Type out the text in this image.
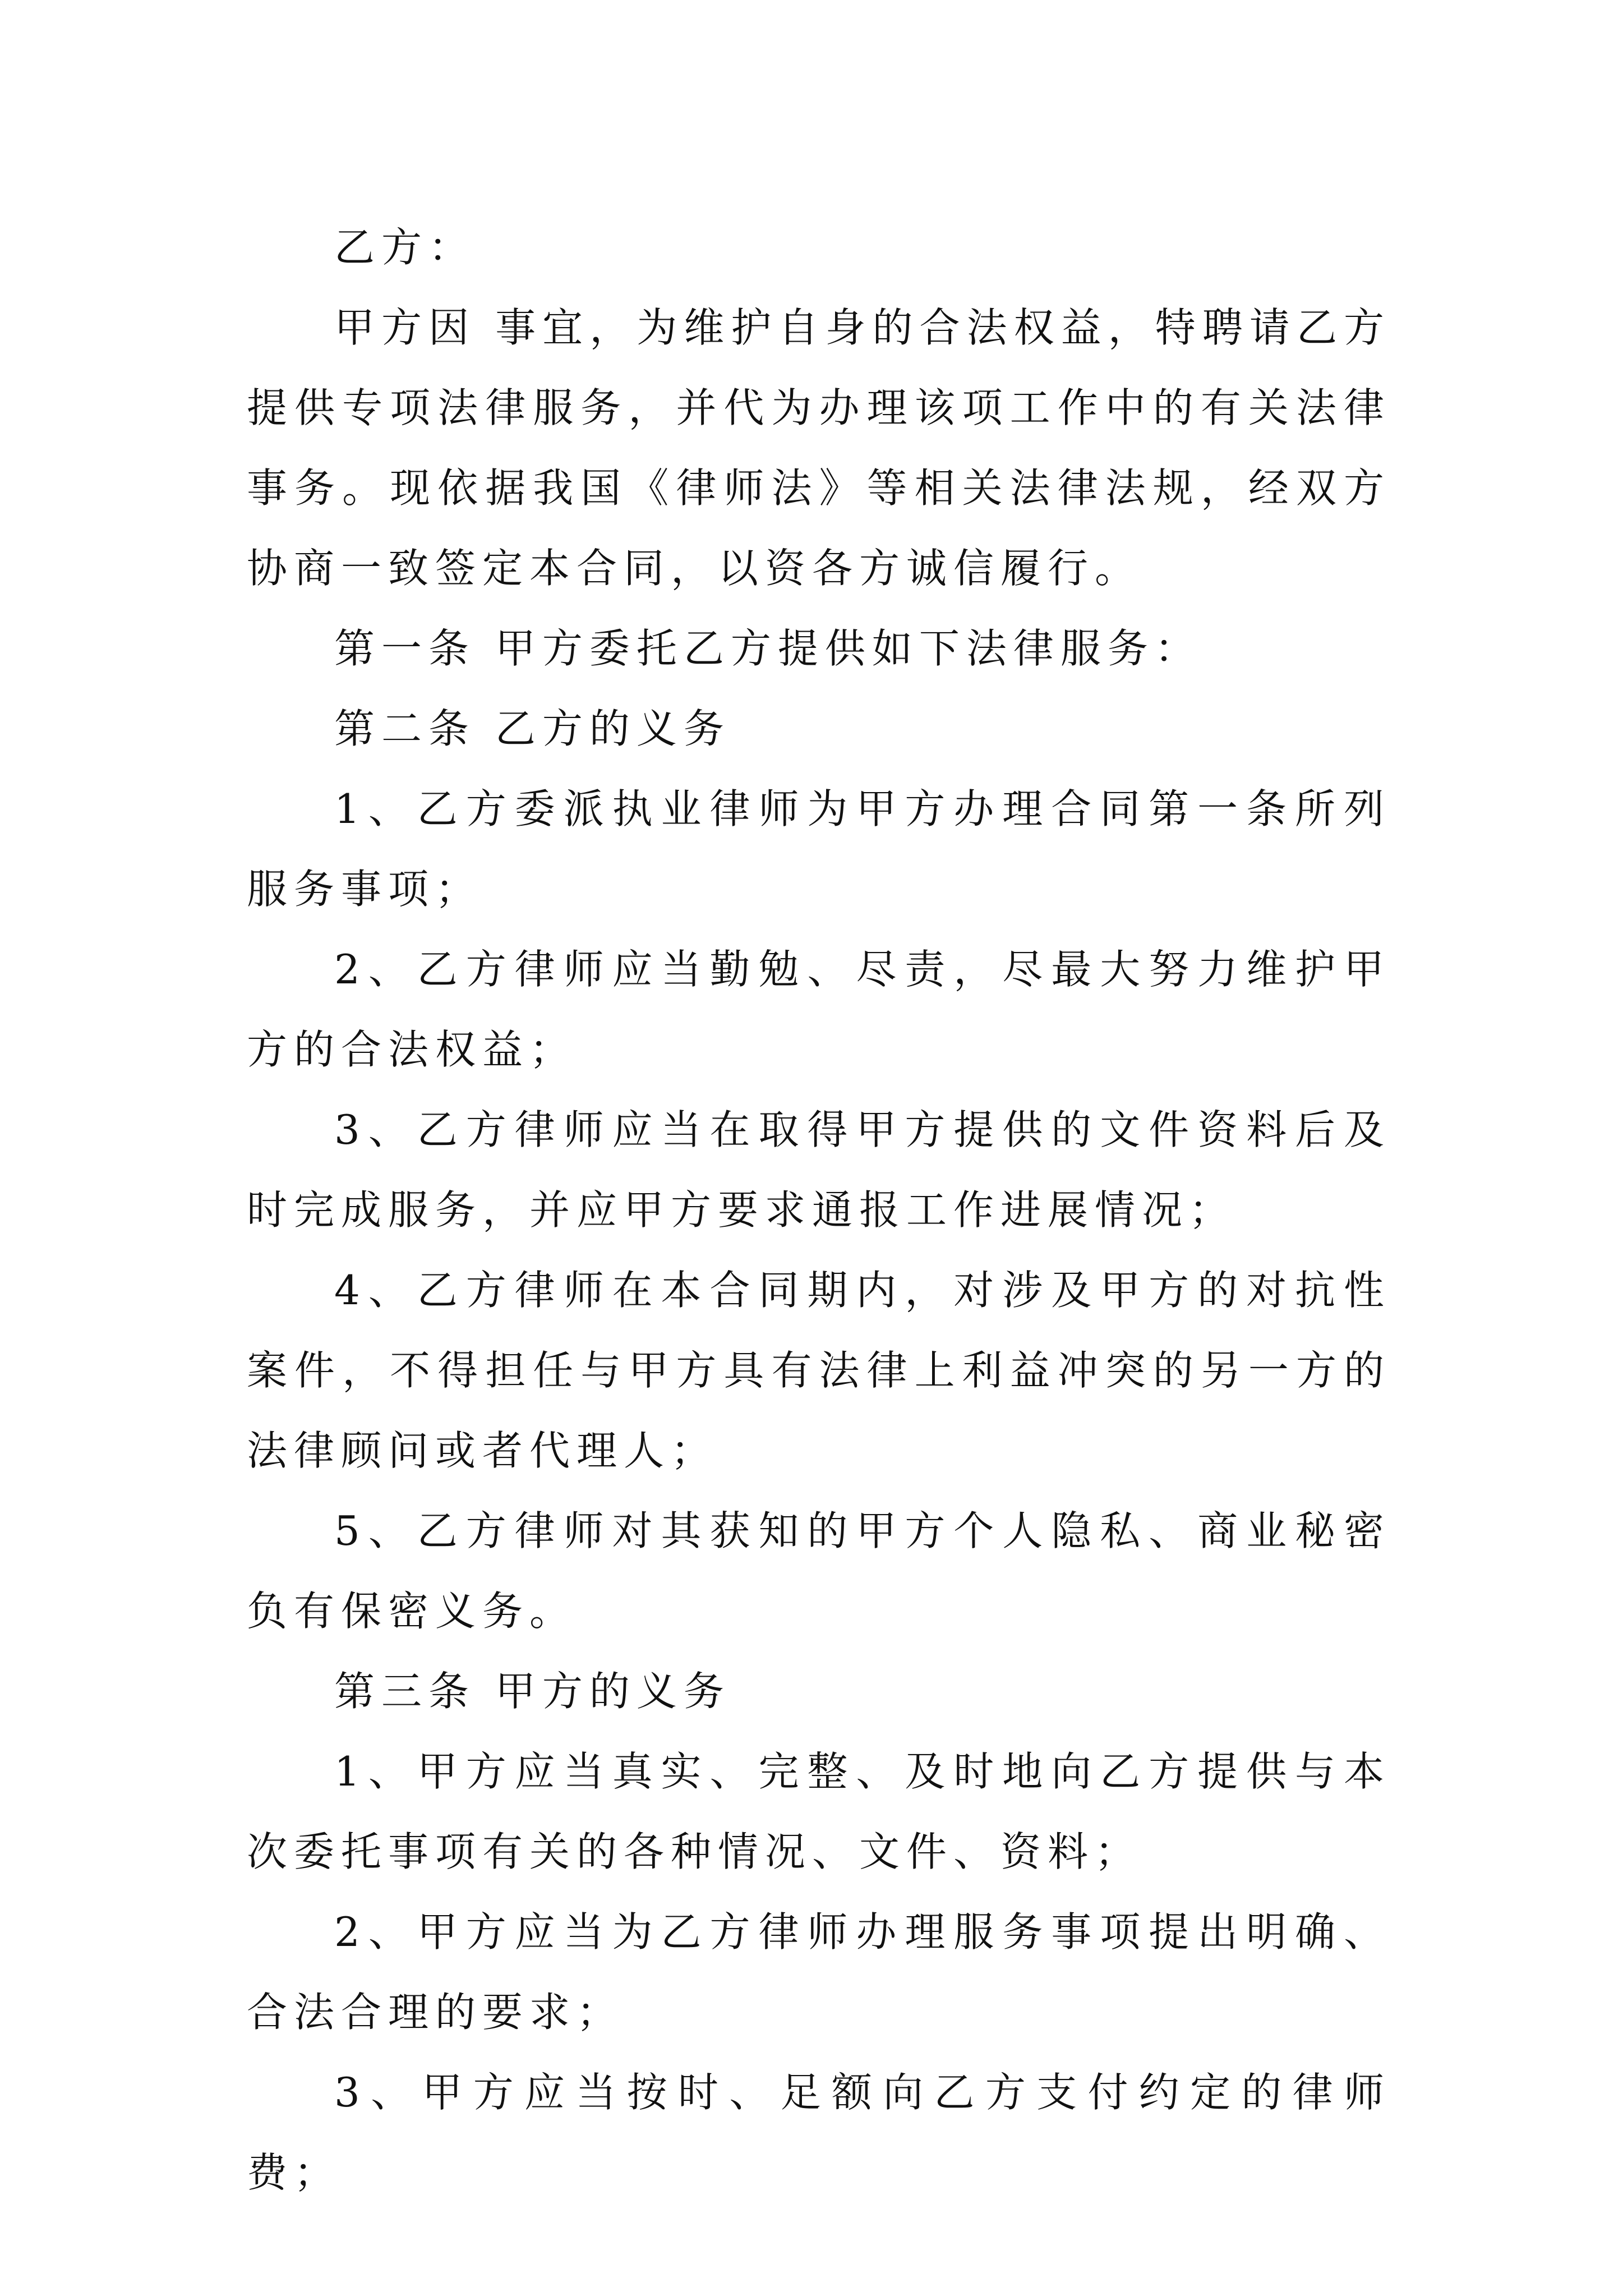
乙方：

甲方因 事宜，为维护自身的合法权益，特聘请乙方提供专项法律服务，并代为办理该项工作中的有关法律事务。现依据我国《律师法》等相关法律法规，经双方协商一致签定本合同，以资各方诚信履行。

第一条 甲方委托乙方提供如下法律服务：

第二条 乙方的义务

1、乙方委派执业律师为甲方办理合同第一条所列服务事项；

2、乙方律师应当勤勉、尽责，尽最大努力维护甲方的合法权益；

3、乙方律师应当在取得甲方提供的文件资料后及时完成服务，并应甲方要求通报工作进展情况；

4、乙方律师在本合同期内，对涉及甲方的对抗性案件，不得担任与甲方具有法律上利益冲突的另一方的法律顾问或者代理人；

5、乙方律师对其获知的甲方个人隐私、商业秘密负有保密义务。

第三条 甲方的义务

1、甲方应当真实、完整、及时地向乙方提供与本次委托事项有关的各种情况、文件、资料；

2、甲方应当为乙方律师办理服务事项提出明确、合法合理的要求；

3、甲方应当按时、足额向乙方支付约定的律师费；
